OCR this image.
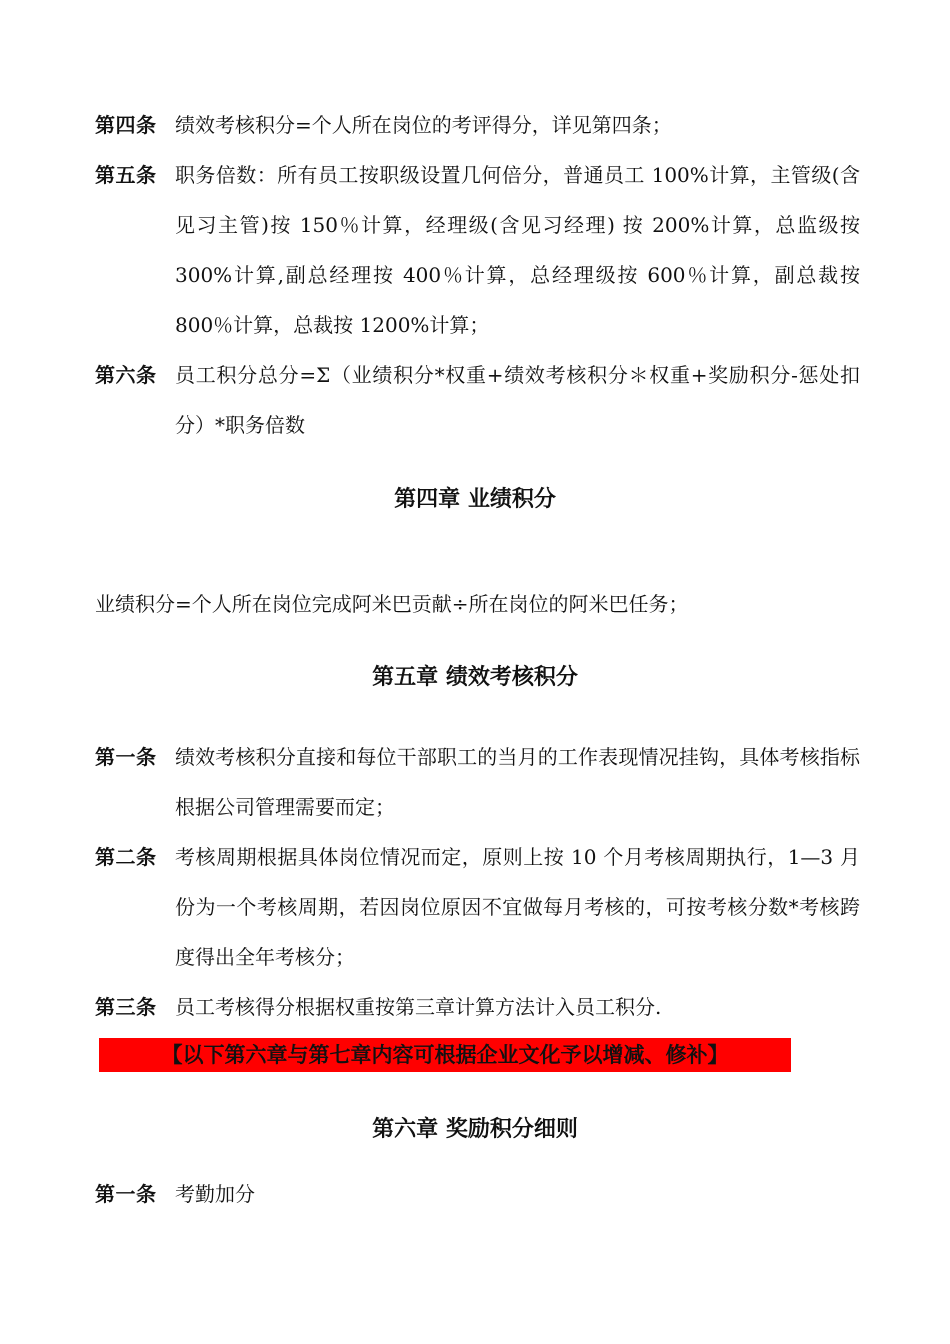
第四条 绩效考核积分=个人所在岗位的考评得分，详见第四条；
第五条 职务倍数：所有员工按职级设置几何倍分，普通员工 100%计算，主管级(含见习主管)按 150％计算，经理级(含见习经理) 按 200%计算，总监级按 300%计算,副总经理按 400％计算，总经理级按 600％计算，副总裁按 800％计算，总裁按 1200%计算；
第六条 员工积分总分=Σ（业绩积分*权重+绩效考核积分＊权重+奖励积分-惩处扣分）*职务倍数
第四章 业绩积分
业绩积分=个人所在岗位完成阿米巴贡献÷所在岗位的阿米巴任务；
第五章 绩效考核积分
第一条 绩效考核积分直接和每位干部职工的当月的工作表现情况挂钩，具体考核指标根据公司管理需要而定；
第二条 考核周期根据具体岗位情况而定，原则上按 10 个月考核周期执行，1—3 月份为一个考核周期，若因岗位原因不宜做每月考核的，可按考核分数*考核跨度得出全年考核分；
第三条 员工考核得分根据权重按第三章计算方法计入员工积分.
【以下第六章与第七章内容可根据企业文化予以增减、修补】
第六章 奖励积分细则
第一条 考勤加分
